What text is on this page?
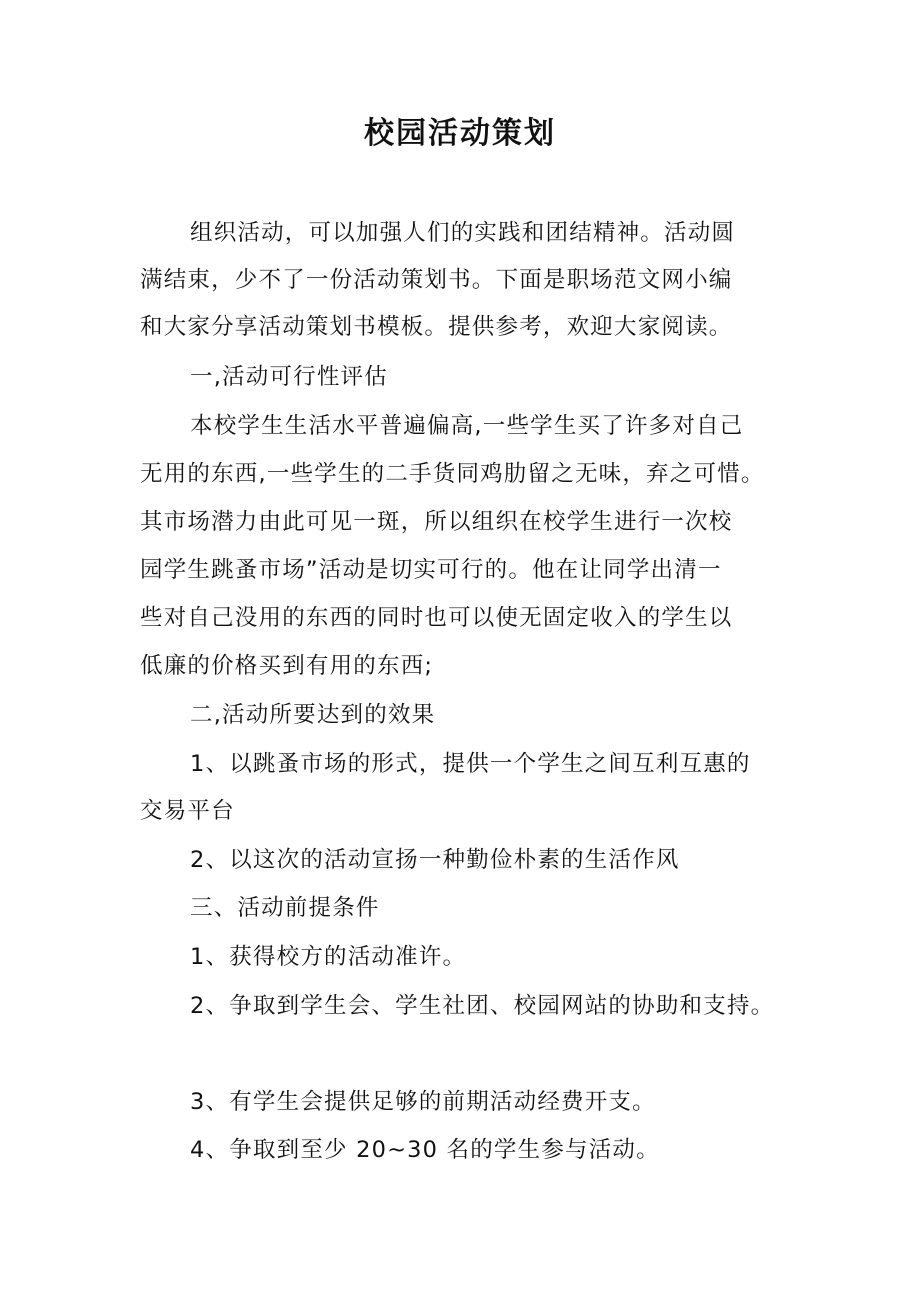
校园活动策划

组织活动，可以加强人们的实践和团结精神。活动圆

满结束，少不了一份活动策划书。下面是职场范文网小编

和大家分享活动策划书模板。提供参考，欢迎大家阅读。

一,活动可行性评估

本校学生生活水平普遍偏高,一些学生买了许多对自己

无用的东西,一些学生的二手货同鸡肋留之无味，弃之可惜。

其市场潜力由此可见一斑，所以组织在校学生进行一次校

园学生跳蚤市场”活动是切实可行的。他在让同学出清一

些对自己没用的东西的同时也可以使无固定收入的学生以

低廉的价格买到有用的东西;

二,活动所要达到的效果

1、以跳蚤市场的形式，提供一个学生之间互利互惠的

交易平台

2、以这次的活动宣扬一种勤俭朴素的生活作风

三、活动前提条件

1、获得校方的活动准许。

2、争取到学生会、学生社团、校园网站的协助和支持。

3、有学生会提供足够的前期活动经费开支。

4、争取到至少 20~30 名的学生参与活动。
